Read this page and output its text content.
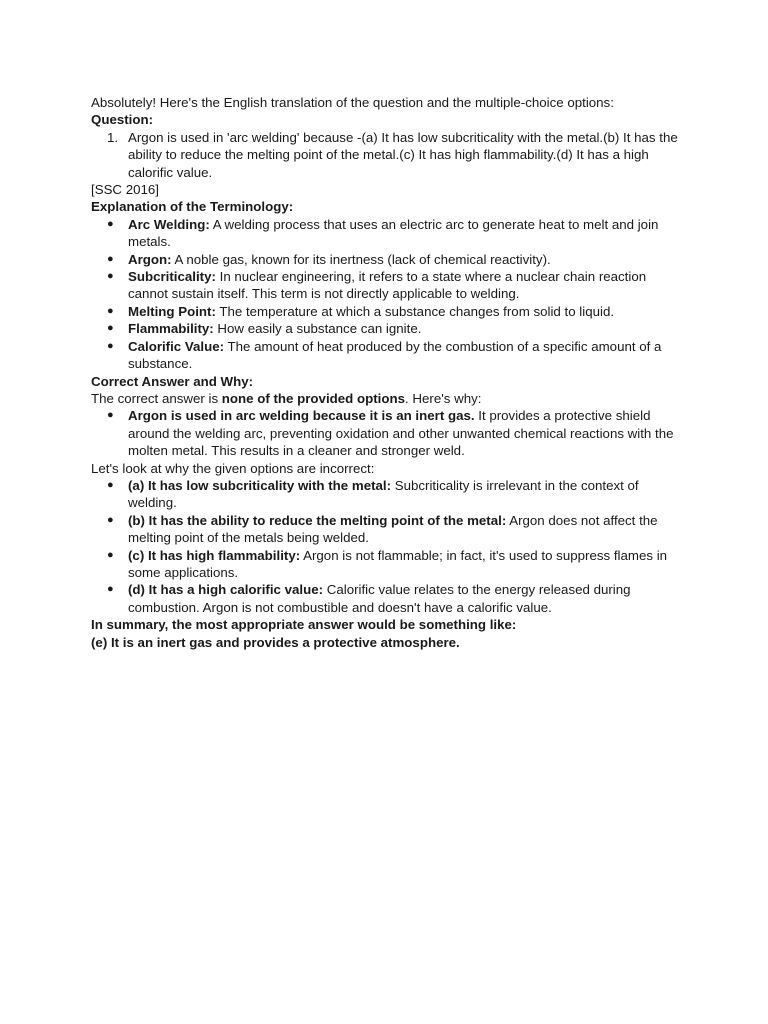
Absolutely! Here's the English translation of the question and the multiple-choice options:

Question:

1. Argon is used in 'arc welding' because -(a) It has low subcriticality with the metal.(b) It has the ability to reduce the melting point of the metal.(c) It has high flammability.(d) It has a high calorific value.

[SSC 2016]

Explanation of the Terminology:

● Arc Welding: A welding process that uses an electric arc to generate heat to melt and join metals.
● Argon: A noble gas, known for its inertness (lack of chemical reactivity).
● Subcriticality: In nuclear engineering, it refers to a state where a nuclear chain reaction cannot sustain itself. This term is not directly applicable to welding.
● Melting Point: The temperature at which a substance changes from solid to liquid.
● Flammability: How easily a substance can ignite.
● Calorific Value: The amount of heat produced by the combustion of a specific amount of a substance.

Correct Answer and Why:

The correct answer is none of the provided options. Here's why:

● Argon is used in arc welding because it is an inert gas. It provides a protective shield around the welding arc, preventing oxidation and other unwanted chemical reactions with the molten metal. This results in a cleaner and stronger weld.

Let's look at why the given options are incorrect:

● (a) It has low subcriticality with the metal: Subcriticality is irrelevant in the context of welding.
● (b) It has the ability to reduce the melting point of the metal: Argon does not affect the melting point of the metals being welded.
● (c) It has high flammability: Argon is not flammable; in fact, it's used to suppress flames in some applications.
● (d) It has a high calorific value: Calorific value relates to the energy released during combustion. Argon is not combustible and doesn't have a calorific value.

In summary, the most appropriate answer would be something like:

(e) It is an inert gas and provides a protective atmosphere.
